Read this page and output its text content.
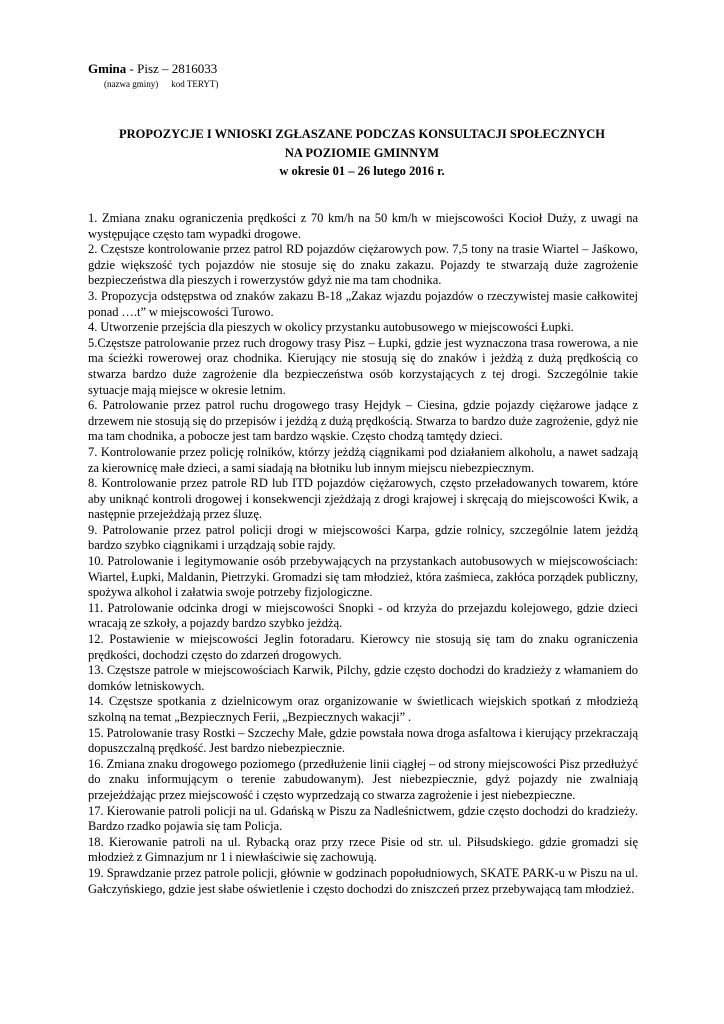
Gmina - Pisz – 2816033
(nazwa gminy) kod TERYT)
PROPOZYCJE I WNIOSKI ZGŁASZANE PODCZAS KONSULTACJI SPOŁECZNYCH
NA POZIOMIE GMINNYM
w okresie 01 – 26 lutego 2016 r.

1. Zmiana znaku ograniczenia prędkości z 70 km/h na 50 km/h w miejscowości Kocioł Duży, z uwagi na występujące często tam wypadki drogowe.

2. Częstsze kontrolowanie przez patrol RD pojazdów ciężarowych pow. 7,5 tony na trasie Wiartel – Jaśkowo, gdzie większość tych pojazdów nie stosuje się do znaku zakazu. Pojazdy te stwarzają duże zagrożenie bezpieczeństwa dla pieszych i rowerzystów gdyż nie ma tam chodnika.

3. Propozycja odstępstwa od znaków zakazu B-18 „Zakaz wjazdu pojazdów o rzeczywistej masie całkowitej ponad ….t” w miejscowości Turowo.

4. Utworzenie przejścia dla pieszych w okolicy przystanku autobusowego w miejscowości Łupki.

5.Częstsze patrolowanie przez ruch drogowy trasy Pisz – Łupki, gdzie jest wyznaczona trasa rowerowa, a nie ma ścieżki rowerowej oraz chodnika. Kierujący nie stosują się do znaków i jeżdżą z dużą prędkością co stwarza bardzo duże zagrożenie dla bezpieczeństwa osób korzystających z tej drogi. Szczególnie takie sytuacje mają miejsce w okresie letnim.

6. Patrolowanie przez patrol ruchu drogowego trasy Hejdyk – Ciesina, gdzie pojazdy ciężarowe jadące z drzewem nie stosują się do przepisów i jeżdżą z dużą prędkością. Stwarza to bardzo duże zagrożenie, gdyż nie ma tam chodnika, a pobocze jest tam bardzo wąskie. Często chodzą tamtędy dzieci.

7. Kontrolowanie przez policję rolników, którzy jeżdżą ciągnikami pod działaniem alkoholu, a nawet sadzają za kierownicę małe dzieci, a sami siadają na błotniku lub innym miejscu niebezpiecznym.

8. Kontrolowanie przez patrole RD lub ITD pojazdów ciężarowych, często przeładowanych towarem, które aby uniknąć kontroli drogowej i konsekwencji zjeżdżają z drogi krajowej i skręcają do miejscowości Kwik, a następnie przejeżdżają przez śluzę.

9. Patrolowanie przez patrol policji drogi w miejscowości Karpa, gdzie rolnicy, szczególnie latem jeżdżą bardzo szybko ciągnikami i urządzają sobie rajdy.

10. Patrolowanie i legitymowanie osób przebywających na przystankach autobusowych w miejscowościach: Wiartel, Łupki, Maldanin, Pietrzyki. Gromadzi się tam młodzież, która zaśmieca, zakłóca porządek publiczny, spożywa alkohol i załatwia swoje potrzeby fizjologiczne.

11. Patrolowanie odcinka drogi w miejscowości Snopki - od krzyża do przejazdu kolejowego, gdzie dzieci wracają ze szkoły, a pojazdy bardzo szybko jeżdżą.

12. Postawienie w miejscowości Jeglin fotoradaru. Kierowcy nie stosują się tam do znaku ograniczenia prędkości, dochodzi często do zdarzeń drogowych.

13. Częstsze patrole w miejscowościach Karwik, Pilchy, gdzie często dochodzi do kradzieży z włamaniem do domków letniskowych.

14. Częstsze spotkania z dzielnicowym oraz organizowanie w świetlicach wiejskich spotkań z młodzieżą szkolną na temat „Bezpiecznych Ferii, „Bezpiecznych wakacji” .

15. Patrolowanie trasy Rostki – Szczechy Małe, gdzie powstała nowa droga asfaltowa i kierujący przekraczają dopuszczalną prędkość. Jest bardzo niebezpiecznie.

16. Zmiana znaku drogowego poziomego (przedłużenie linii ciągłej – od strony miejscowości Pisz przedłużyć do znaku informującym o terenie zabudowanym). Jest niebezpiecznie, gdyż pojazdy nie zwalniają przejeżdżając przez miejscowość i często wyprzedzają co stwarza zagrożenie i jest niebezpieczne.

17. Kierowanie patroli policji na ul. Gdańską w Piszu za Nadleśnictwem, gdzie często dochodzi do kradzieży. Bardzo rzadko pojawia się tam Policja.

18. Kierowanie patroli na ul. Rybacką oraz przy rzece Pisie od str. ul. Piłsudskiego. gdzie gromadzi się młodzież z Gimnazjum nr 1 i niewłaściwie się zachowują.

19. Sprawdzanie przez patrole policji, głównie w godzinach popołudniowych, SKATE PARK-u w Piszu na ul. Gałczyńskiego, gdzie jest słabe oświetlenie i często dochodzi do zniszczeń przez przebywającą tam młodzież.
